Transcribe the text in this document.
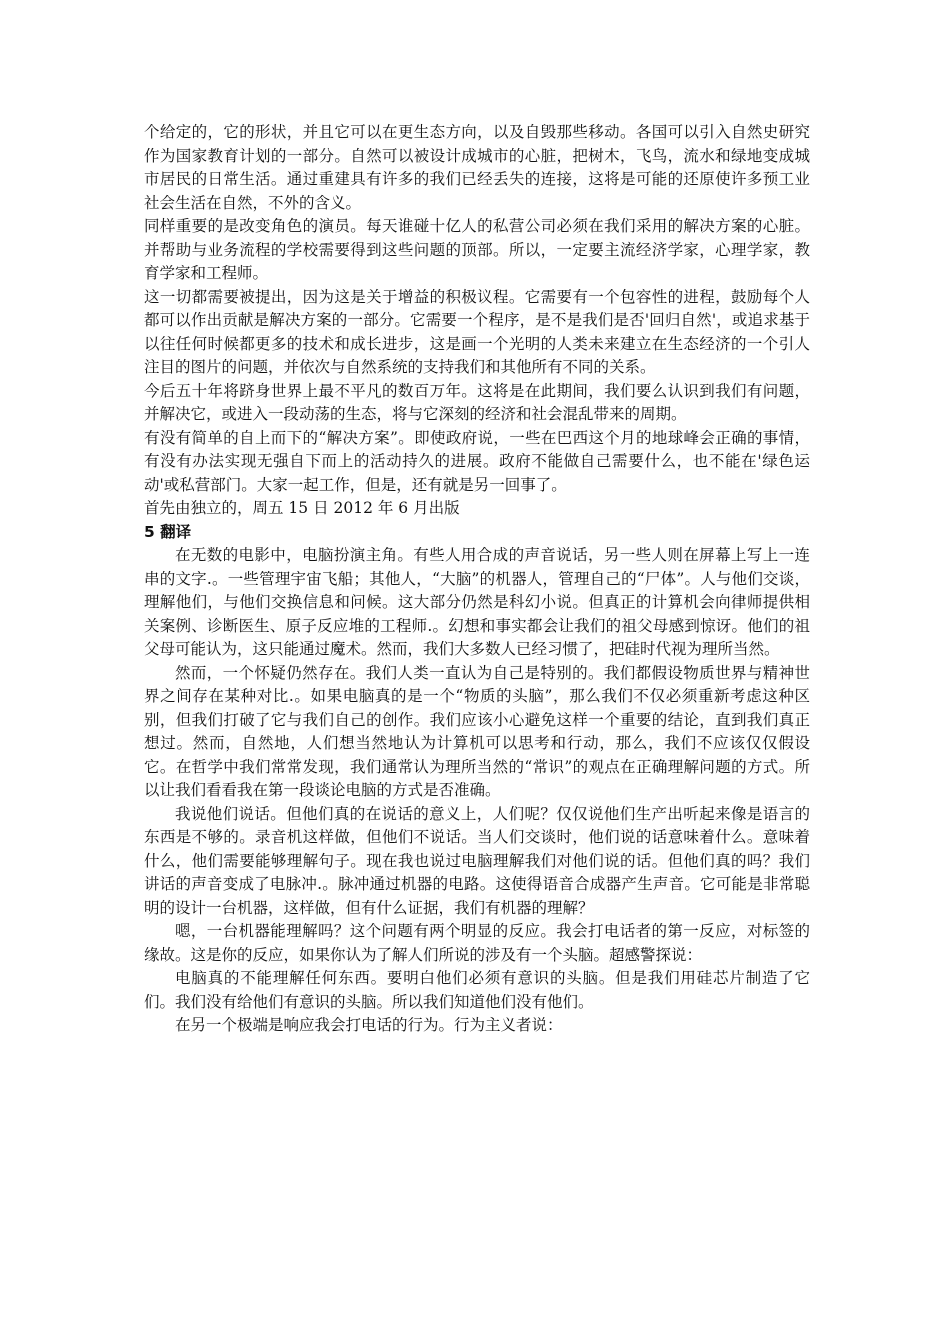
个给定的，它的形状，并且它可以在更生态方向，以及自毁那些移动。各国可以引入自然史研究作为国家教育计划的一部分。自然可以被设计成城市的心脏，把树木，飞鸟，流水和绿地变成城市居民的日常生活。通过重建具有许多的我们已经丢失的连接，这将是可能的还原使许多预工业社会生活在自然，不外的含义。

同样重要的是改变角色的演员。每天谁碰十亿人的私营公司必须在我们采用的解决方案的心脏。并帮助与业务流程的学校需要得到这些问题的顶部。所以，一定要主流经济学家，心理学家，教育学家和工程师。

这一切都需要被提出，因为这是关于增益的积极议程。它需要有一个包容性的进程，鼓励每个人都可以作出贡献是解决方案的一部分。它需要一个程序，是不是我们是否'回归自然'，或追求基于以往任何时候都更多的技术和成长进步，这是画一个光明的人类未来建立在生态经济的一个引人注目的图片的问题，并依次与自然系统的支持我们和其他所有不同的关系。

今后五十年将跻身世界上最不平凡的数百万年。这将是在此期间，我们要么认识到我们有问题，并解决它，或进入一段动荡的生态，将与它深刻的经济和社会混乱带来的周期。

有没有简单的自上而下的“解决方案”。即使政府说，一些在巴西这个月的地球峰会正确的事情，有没有办法实现无强自下而上的活动持久的进展。政府不能做自己需要什么，也不能在'绿色运动'或私营部门。大家一起工作，但是，还有就是另一回事了。

首先由独立的，周五 15 日 2012 年 6 月出版

5 翻译

在无数的电影中，电脑扮演主角。有些人用合成的声音说话，另一些人则在屏幕上写上一连串的文字.。一些管理宇宙飞船；其他人，“大脑”的机器人，管理自己的“尸体”。人与他们交谈，理解他们，与他们交换信息和问候。这大部分仍然是科幻小说。但真正的计算机会向律师提供相关案例、诊断医生、原子反应堆的工程师.。幻想和事实都会让我们的祖父母感到惊讶。他们的祖父母可能认为，这只能通过魔术。然而，我们大多数人已经习惯了，把硅时代视为理所当然。

然而，一个怀疑仍然存在。我们人类一直认为自己是特别的。我们都假设物质世界与精神世界之间存在某种对比.。如果电脑真的是一个“物质的头脑”，那么我们不仅必须重新考虑这种区别，但我们打破了它与我们自己的创作。我们应该小心避免这样一个重要的结论，直到我们真正想过。然而，自然地，人们想当然地认为计算机可以思考和行动，那么，我们不应该仅仅假设它。在哲学中我们常常发现，我们通常认为理所当然的“常识”的观点在正确理解问题的方式。所以让我们看看我在第一段谈论电脑的方式是否准确。

我说他们说话。但他们真的在说话的意义上，人们呢？仅仅说他们生产出听起来像是语言的东西是不够的。录音机这样做，但他们不说话。当人们交谈时，他们说的话意味着什么。意味着什么，他们需要能够理解句子。现在我也说过电脑理解我们对他们说的话。但他们真的吗？我们讲话的声音变成了电脉冲.。脉冲通过机器的电路。这使得语音合成器产生声音。它可能是非常聪明的设计一台机器，这样做，但有什么证据，我们有机器的理解？

嗯，一台机器能理解吗？这个问题有两个明显的反应。我会打电话者的第一反应，对标签的缘故。这是你的反应，如果你认为了解人们所说的涉及有一个头脑。超感警探说：

电脑真的不能理解任何东西。要明白他们必须有意识的头脑。但是我们用硅芯片制造了它们。我们没有给他们有意识的头脑。所以我们知道他们没有他们。

在另一个极端是响应我会打电话的行为。行为主义者说：
